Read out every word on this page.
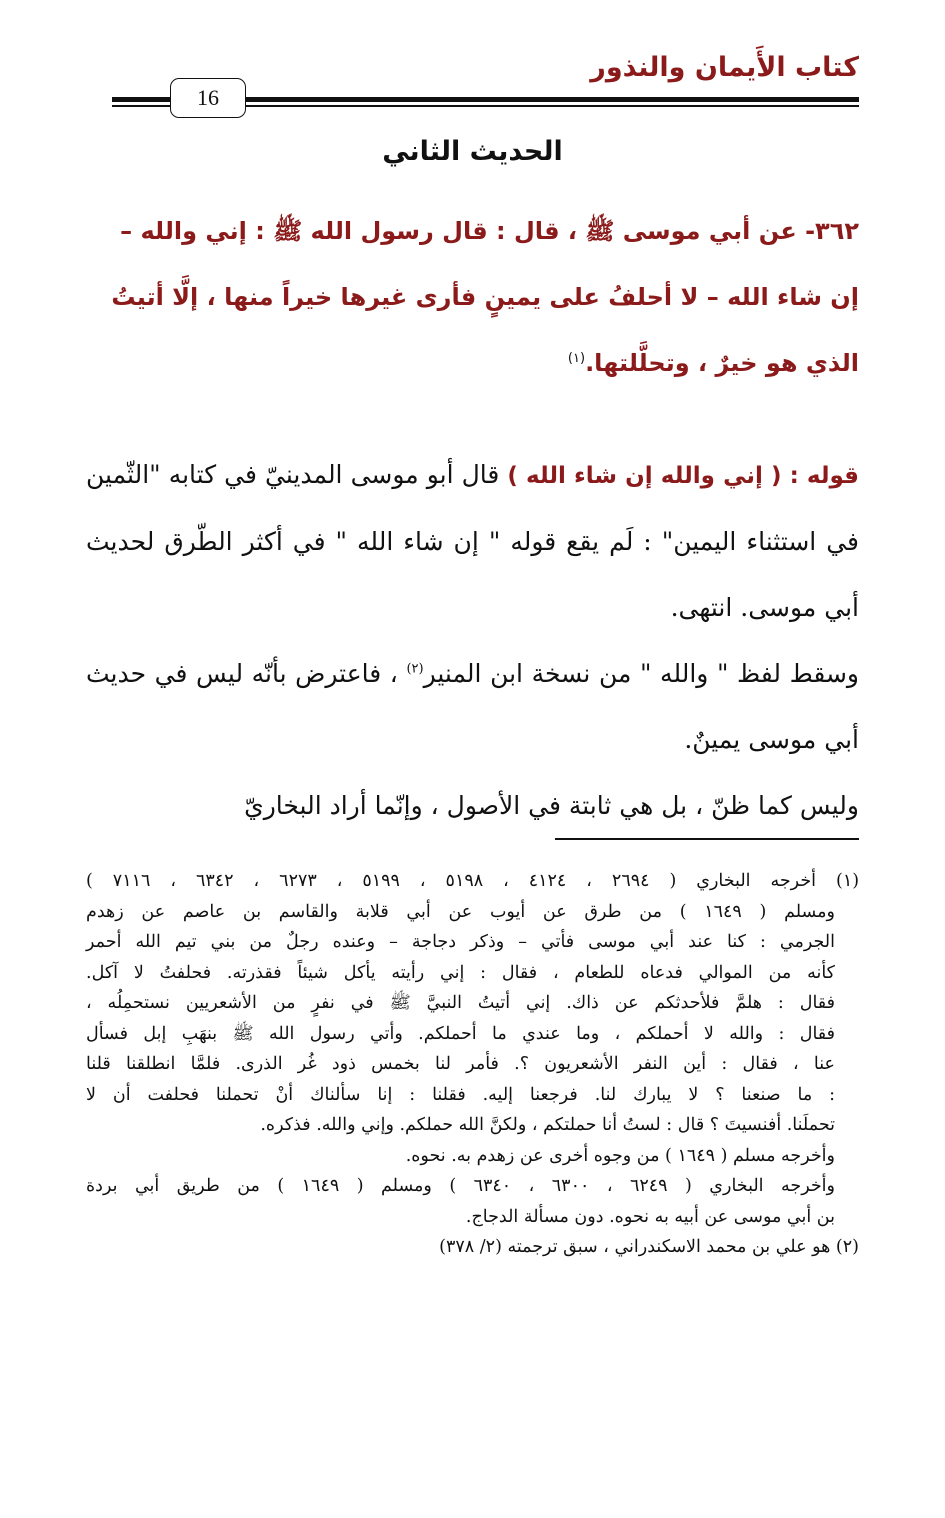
كتاب الأَيمان والنذور
16
الحديث الثاني
٣٦٢- عن أبي موسى ﷺ ، قال : قال رسول الله ﷺ : إني والله –
إن شاء الله – لا أحلفُ على يمينٍ فأرى غيرها خيراً منها ، إلَّا أتيتُ
الذي هو خيرٌ ، وتحلَّلتها.$^{(١)}$

قوله : ( إني والله إن شاء الله ) قال أبو موسى المدينيّ في كتابه "الثّمين في استثناء اليمين" : لَم يقع قوله " إن شاء الله " في أكثر الطّرق لحديث أبي موسى. انتهى.

وسقط لفظ " والله " من نسخة ابن المنير$^{(٢)}$ ، فاعترض بأنّه ليس في حديث أبي موسى يمينٌ.

وليس كما ظنّ ، بل هي ثابتة في الأصول ، وإنّما أراد البخاريّ

(١) أخرجه البخاري ( ٢٦٩٤ ، ٤١٢٤ ، ٥١٩٨ ، ٥١٩٩ ، ٦٢٧٣ ، ٦٣٤٢ ، ٧١١٦ )
ومسلم ( ١٦٤٩ ) من طرق عن أيوب عن أبي قلابة والقاسم بن عاصم عن زهدم
الجرمي : كنا عند أبي موسى فأتي – وذكر دجاجة – وعنده رجلٌ من بني تيم الله أحمر
كأنه من الموالي فدعاه للطعام ، فقال : إني رأيته يأكل شيئاً فقذرته. فحلفتُ لا آكل.
فقال : هلمَّ فلأحدثكم عن ذاك. إني أتيتُ النبيَّ ﷺ في نفرٍ من الأشعريين نستحمِلُه ،
فقال : والله لا أحملكم ، وما عندي ما أحملكم. وأتي رسول الله ﷺ بنهَبِ إبل فسأل
عنا ، فقال : أين النفر الأشعريون ؟. فأمر لنا بخمس ذود غُر الذرى. فلمَّا انطلقنا قلنا
: ما صنعنا ؟ لا يبارك لنا. فرجعنا إليه. فقلنا : إنا سألناك أنْ تحملنا فحلفت أن لا
تحملَنا. أفنسيتَ ؟ قال : لستُ أنا حملتكم ، ولكنَّ الله حملكم. وإني والله. فذكره.
وأخرجه مسلم ( ١٦٤٩ ) من وجوه أخرى عن زهدم به. نحوه.
وأخرجه البخاري ( ٦٢٤٩ ، ٦٣٠٠ ، ٦٣٤٠ ) ومسلم ( ١٦٤٩ ) من طريق أبي بردة
بن أبي موسى عن أبيه به نحوه. دون مسألة الدجاج.
(٢) هو علي بن محمد الاسكندراني ، سبق ترجمته (٢/ ٣٧٨)
